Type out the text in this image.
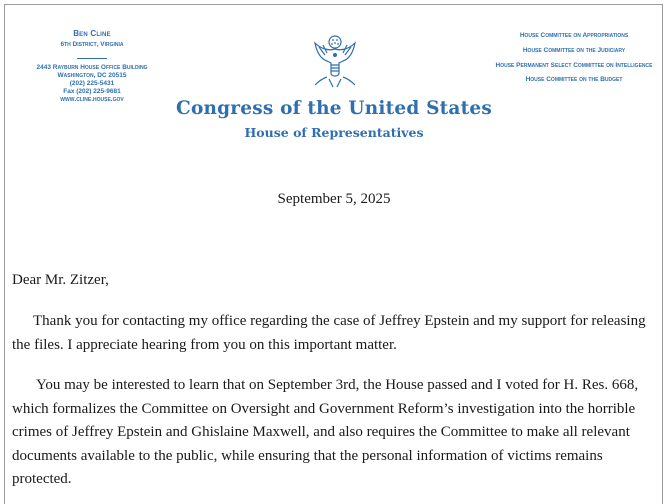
Ben Cline
6th District, Virginia
2443 Rayburn House Office Building
Washington, DC 20515
(202) 225-5431
Fax (202) 225-9681
www.cline.house.gov	Congress of the United States
House of Representatives
House Committee on Appropriations
House Committee on the Judiciary
House Permanent Select Committee on Intelligence
House Committee on the Budget
September 5, 2025
Dear Mr. Zitzer,

Thank you for contacting my office regarding the case of Jeffrey Epstein and my support for releasing the files. I appreciate hearing from you on this important matter.

You may be interested to learn that on September 3rd, the House passed and I voted for H. Res. 668, which formalizes the Committee on Oversight and Government Reform’s investigation into the horrible crimes of Jeffrey Epstein and Ghislaine Maxwell, and also requires the Committee to make all relevant documents available to the public, while ensuring that the personal information of victims remains protected.
